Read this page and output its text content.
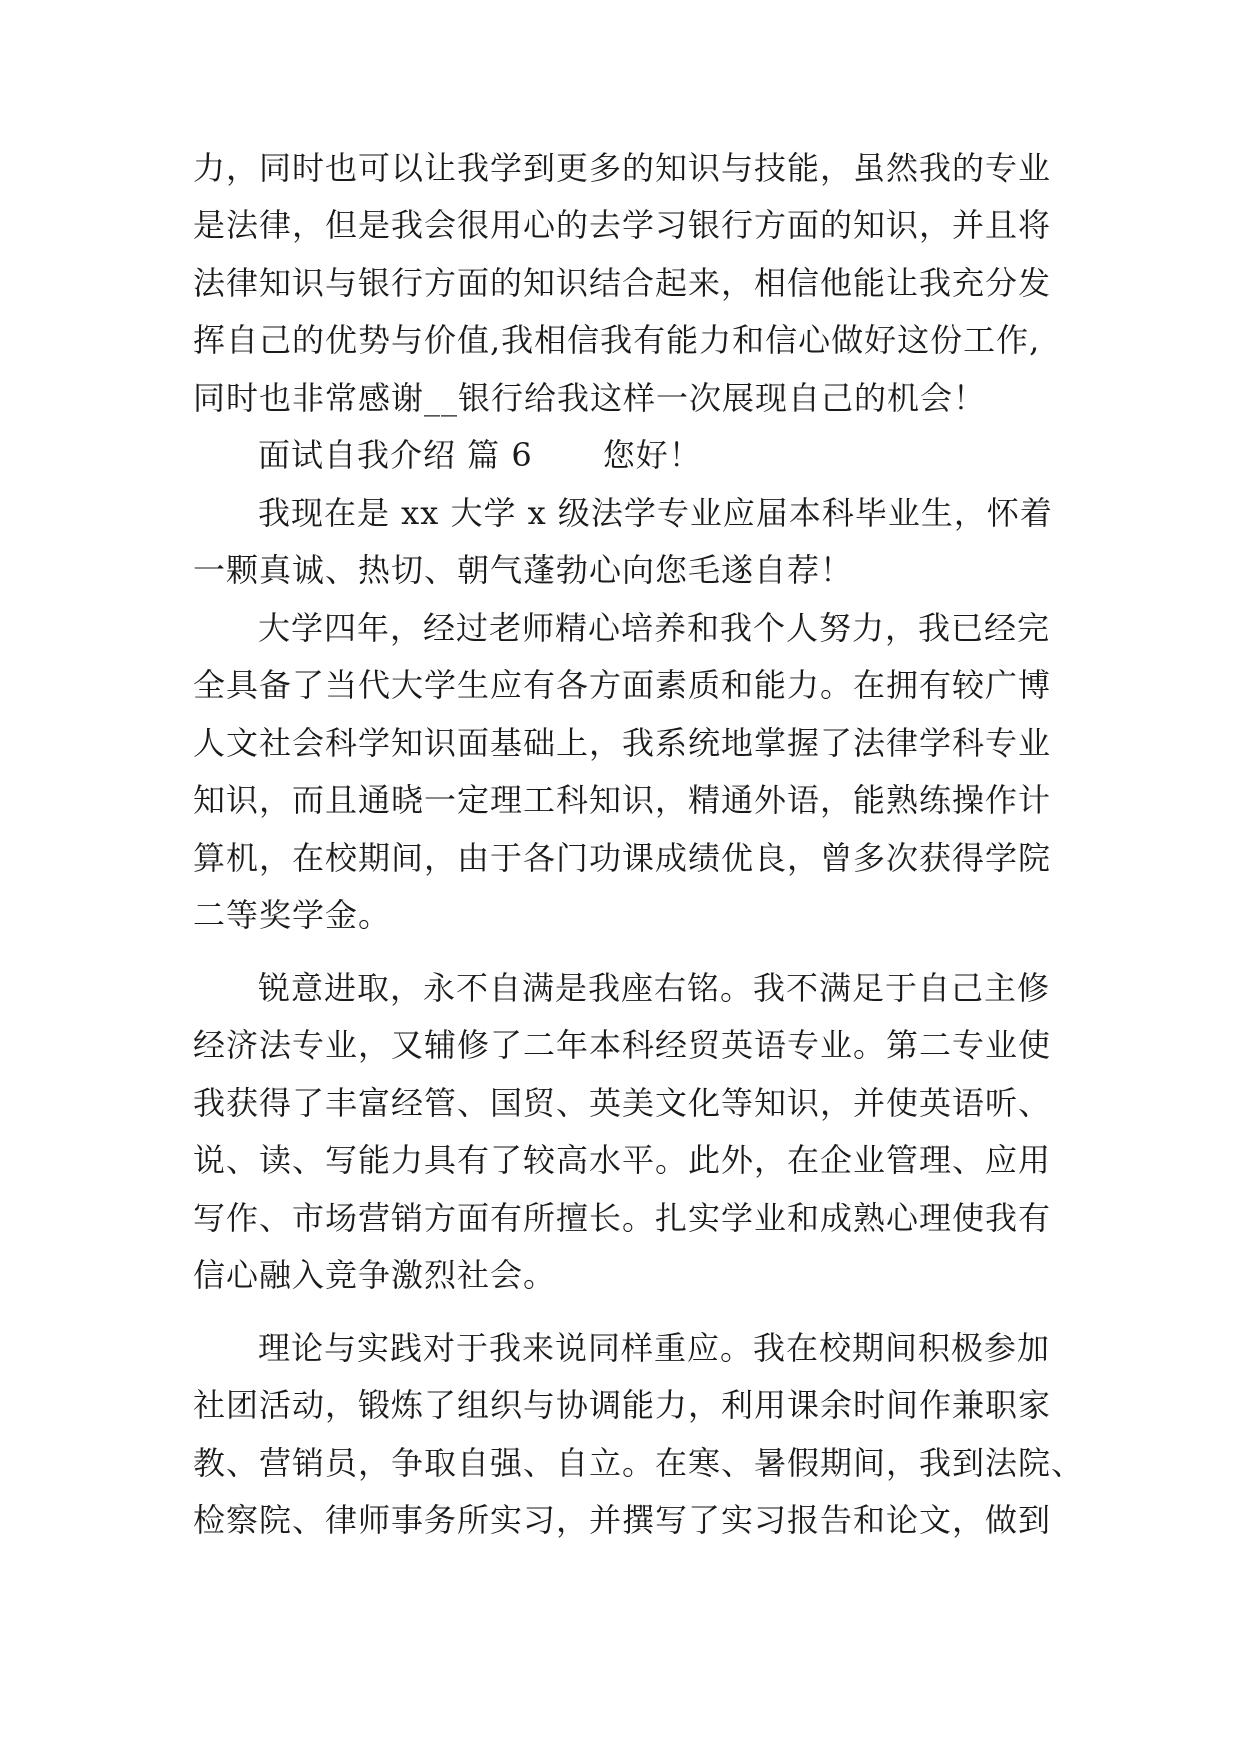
力，同时也可以让我学到更多的知识与技能，虽然我的专业
是法律，但是我会很用心的去学习银行方面的知识，并且将
法律知识与银行方面的知识结合起来，相信他能让我充分发
挥自己的优势与价值,我相信我有能力和信心做好这份工作,
同时也非常感谢__银行给我这样一次展现自己的机会！
面试自我介绍 篇 6 您好！
我现在是 xx 大学 x 级法学专业应届本科毕业生，怀着
一颗真诚、热切、朝气蓬勃心向您毛遂自荐！
大学四年，经过老师精心培养和我个人努力，我已经完
全具备了当代大学生应有各方面素质和能力。在拥有较广博
人文社会科学知识面基础上，我系统地掌握了法律学科专业
知识，而且通晓一定理工科知识，精通外语，能熟练操作计
算机，在校期间，由于各门功课成绩优良，曾多次获得学院
二等奖学金。
锐意进取，永不自满是我座右铭。我不满足于自己主修
经济法专业，又辅修了二年本科经贸英语专业。第二专业使
我获得了丰富经管、国贸、英美文化等知识，并使英语听、
说、读、写能力具有了较高水平。此外，在企业管理、应用
写作、市场营销方面有所擅长。扎实学业和成熟心理使我有
信心融入竞争激烈社会。
理论与实践对于我来说同样重应。我在校期间积极参加
社团活动，锻炼了组织与协调能力，利用课余时间作兼职家
教、营销员，争取自强、自立。在寒、暑假期间，我到法院、
检察院、律师事务所实习，并撰写了实习报告和论文，做到
